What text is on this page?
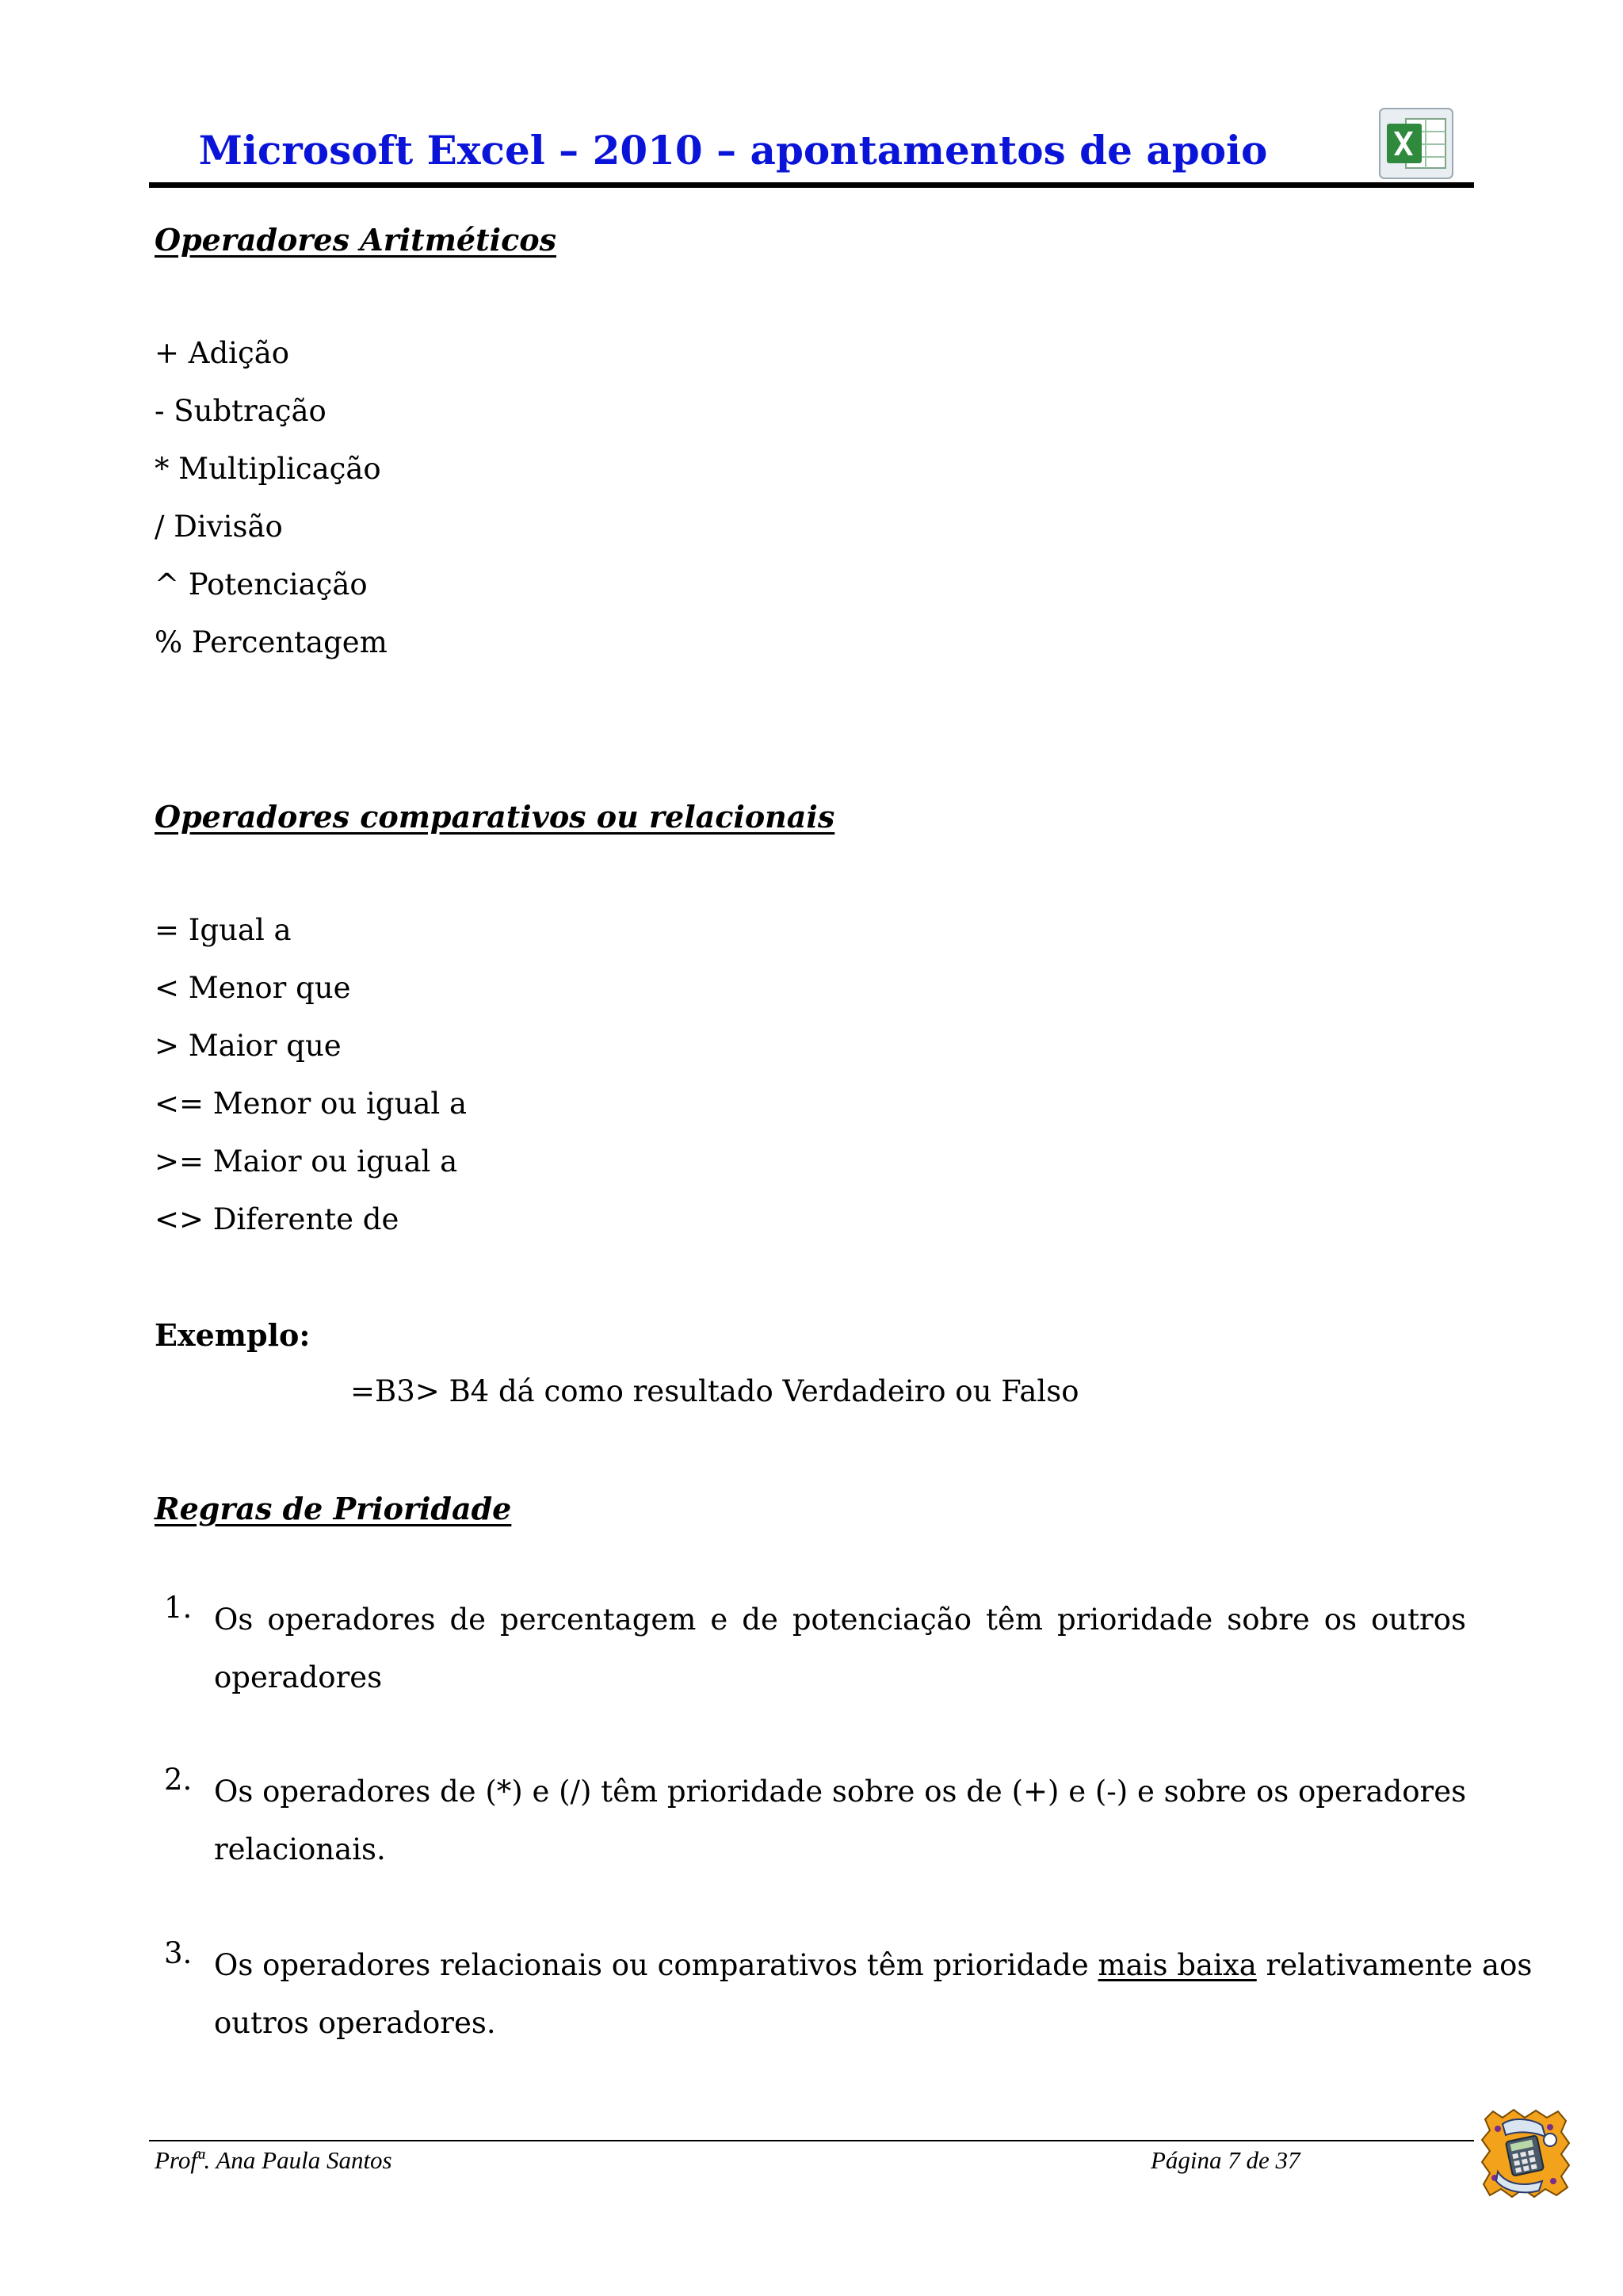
Microsoft Excel – 2010 – apontamentos de apoio
Operadores Aritméticos
+ Adição
- Subtração
* Multiplicação
/ Divisão
^ Potenciação
% Percentagem
Operadores comparativos ou relacionais
= Igual a
< Menor que
> Maior que
<= Menor ou igual a
>= Maior ou igual a
<> Diferente de
Exemplo:
=B3> B4 dá como resultado Verdadeiro ou Falso
Regras de Prioridade
1. Os operadores de percentagem e de potenciação têm prioridade sobre os outros
operadores
2. Os operadores de (*) e (/) têm prioridade sobre os de (+) e (-) e sobre os operadores
relacionais.
3. Os operadores relacionais ou comparativos têm prioridade mais baixa relativamente aos
outros operadores.
Profª. Ana Paula Santos	Página 7 de 37
